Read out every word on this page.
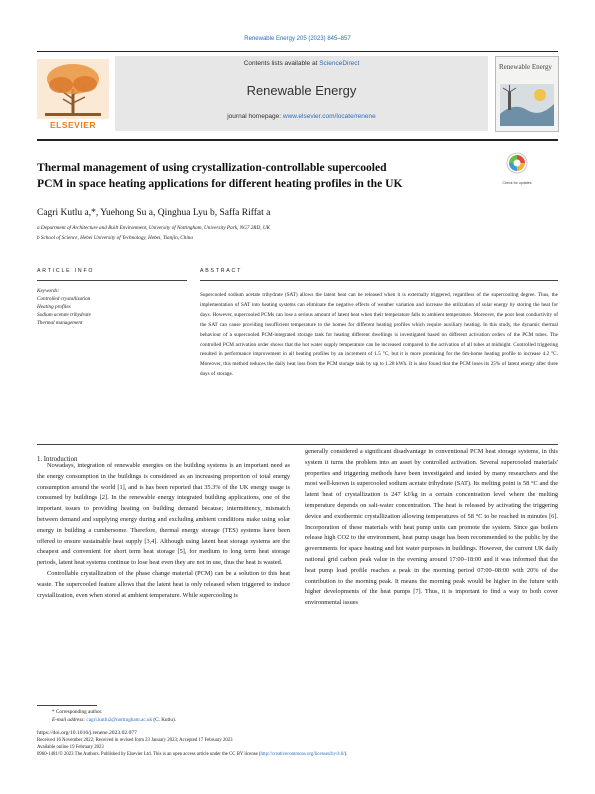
Renewable Energy 205 (2023) 845–857
ELSEVIER
Contents lists available at ScienceDirect
Renewable Energy
journal homepage: www.elsevier.com/locate/renene
Renewable Energy
Thermal management of using crystallization-controllable supercooled
PCM in space heating applications for different heating profiles in the UK	Check for updates
Cagri Kutlu a,*, Yuehong Su a, Qinghua Lyu b, Saffa Riffat a
a Department of Architecture and Built Environment, University of Nottingham, University Park, NG7 2RD, UK
b School of Science, Hebei University of Technology, Hebei, Tianjin, China
ARTICLE INFO
Keywords:
Controlled crystallization
Heating profiles
Sodium acetate trihydrate
Thermal management
ABSTRACT
Supercooled sodium acetate trihydrate (SAT) allows the latent heat can be released when it is externally triggered, regardless of the supercooling degree. Thus, the implementation of SAT into heating systems can eliminate the negative effects of weather variation and increase the utilization of solar energy by storing the heat for days. However, supercooled PCMs can lose a serious amount of latent heat when their temperature falls to ambient temperature. Moreover, the poor heat conductivity of the SAT can cause providing insufficient temperature to the homes for different heating profiles which require auxiliary heating. In this study, the dynamic thermal behaviour of a supercooled PCM-integrated storage tank for heating different dwellings is investigated based on different activation orders of the PCM tubes. The controlled PCM activation order shows that the hot water supply temperature can be increased compared to the activation of all tubes at midnight. Controlled triggering resulted in performance improvement in all heating profiles by an increment of 1.5 °C, but it is more promising for the 6m-home heating profile to increase 4.2 °C. Moreover, this method reduces the daily heat loss from the PCM storage tank by up to 1.28 kWh. It is also found that the PCM loses its 25% of latent energy after three days of storage.
1. Introduction

Nowadays, integration of renewable energies on the building systems is an important need as the energy consumption in the buildings is considered as an increasing proportion of total energy consumption around the world [1], and is has been reported that 35.3% of the UK energy usage is consumed by buildings [2]. In the renewable energy integrated building applications, one of the important issues to providing heating on building demand because; intermittency, mismatch between demand and supplying energy during and excluding ambient conditions make using solar energy in building a cumbersome. Therefore, thermal energy storage (TES) systems have been offered to ensure sustainable heat supply [3,4]. Although using latent heat storage systems are the cheapest and convenient for short term heat storage [5], for medium to long term heat storage periods, latent heat systems continue to lose heat even they are not in use, thus the heat is wasted.

Controllable crystallization of the phase change material (PCM) can be a solution to this heat waste. The supercooled feature allows that the latent heat is only released when triggered to induce crystallization, even when stored at ambient temperature. While supercooling is

generally considered a significant disadvantage in conventional PCM heat storage systems, in this system it turns the problem into an asset by controlled activation. Several supercooled materials' properties and triggering methods have been investigated and tested by many researchers and the most well-known is supercooled sodium acetate trihydrate (SAT). Its melting point is 58 °C and the latent heat of crystallization is 247 kJ/kg in a certain concentration level where the melting temperature depends on salt-water concentration. The heat is released by activating the triggering device and exothermic crystallization allowing temperatures of 58 °C to be reached in minutes [6]. Incorporation of these materials with heat pump units can promote the system. Since gas boilers release high CO2 to the environment, heat pump usage has been recommended to the public by the governments for space heating and hot water purposes in buildings. However, the current UK daily national grid carbon peak value in the evening around 17:00–18:00 and it was informed that the heat pump load profile reaches a peak in the morning period 07:00–08:00 with 20% of the contribution to the morning peak. It means the morning peak would be higher in the future with higher developments of the heat pumps [7]. Thus, it is important to find a way to both cover environmental issues

* Corresponding author.
E-mail address: cagri.kutlu2@nottingham.ac.uk (C. Kutlu).
https://doi.org/10.1016/j.renene.2023.02.077
Received 16 November 2022; Received in revised form 23 January 2023; Accepted 17 February 2023
Available online 19 February 2023
0960-1481/© 2023 The Authors. Published by Elsevier Ltd. This is an open access article under the CC BY license (http://creativecommons.org/licenses/by/4.0/).
